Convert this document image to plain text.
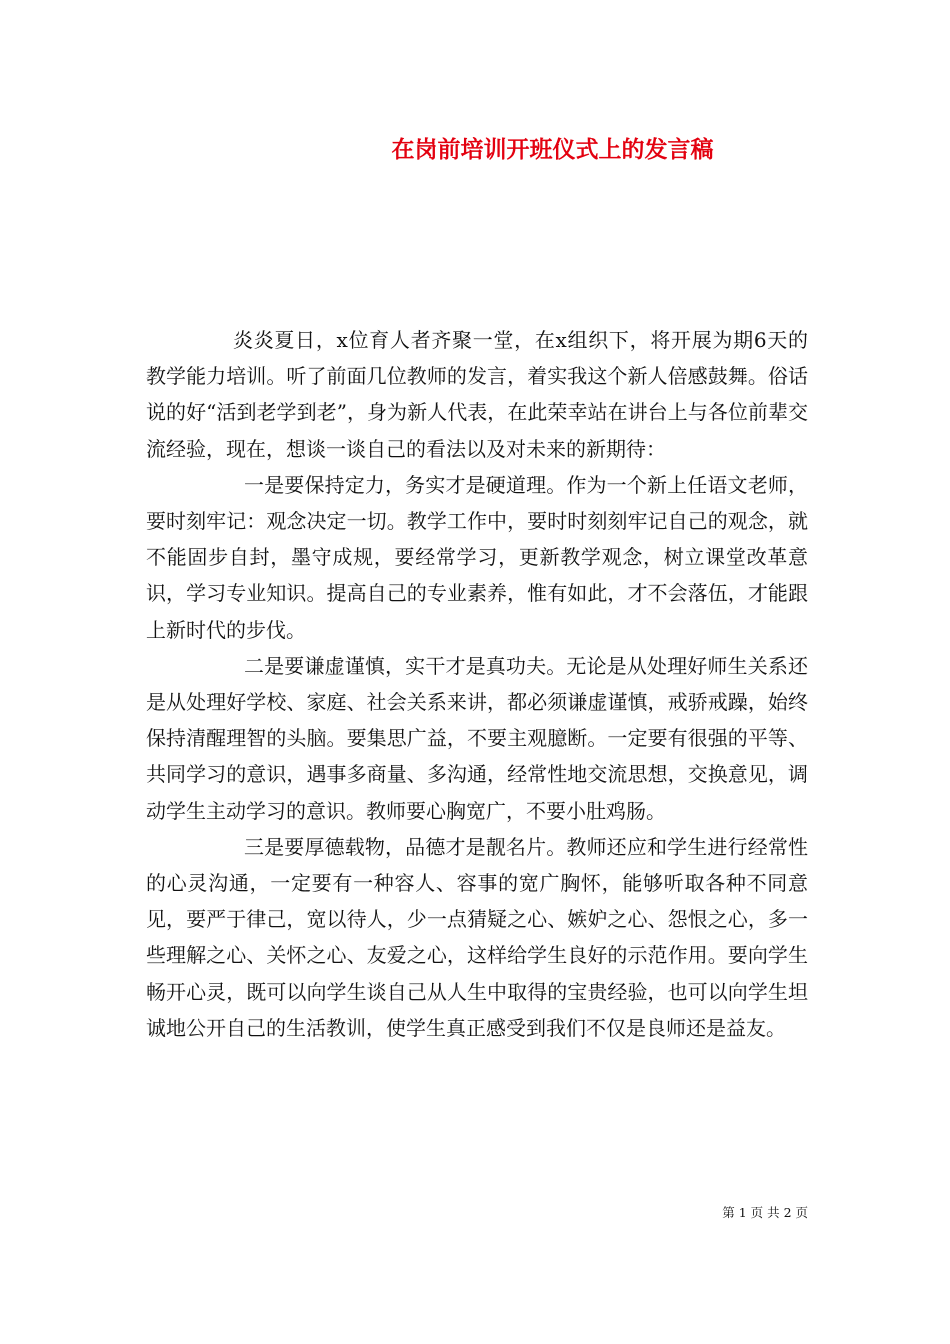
在岗前培训开班仪式上的发言稿

炎炎夏日，x位育人者齐聚一堂，在x组织下，将开展为期6天的教学能力培训。听了前面几位教师的发言，着实我这个新人倍感鼓舞。俗话说的好“活到老学到老”，身为新人代表，在此荣幸站在讲台上与各位前辈交流经验，现在，想谈一谈自己的看法以及对未来的新期待：

一是要保持定力，务实才是硬道理。作为一个新上任语文老师，要时刻牢记：观念决定一切。教学工作中，要时时刻刻牢记自己的观念，就不能固步自封，墨守成规，要经常学习，更新教学观念，树立课堂改革意识，学习专业知识。提高自己的专业素养，惟有如此，才不会落伍，才能跟上新时代的步伐。

二是要谦虚谨慎，实干才是真功夫。无论是从处理好师生关系还是从处理好学校、家庭、社会关系来讲，都必须谦虚谨慎，戒骄戒躁，始终保持清醒理智的头脑。要集思广益，不要主观臆断。一定要有很强的平等、共同学习的意识，遇事多商量、多沟通，经常性地交流思想，交换意见，调动学生主动学习的意识。教师要心胸宽广，不要小肚鸡肠。

三是要厚德载物，品德才是靓名片。教师还应和学生进行经常性的心灵沟通，一定要有一种容人、容事的宽广胸怀，能够听取各种不同意见，要严于律己，宽以待人，少一点猜疑之心、嫉妒之心、怨恨之心，多一些理解之心、关怀之心、友爱之心，这样给学生良好的示范作用。要向学生畅开心灵，既可以向学生谈自己从人生中取得的宝贵经验，也可以向学生坦诚地公开自己的生活教训，使学生真正感受到我们不仅是良师还是益友。

第 1 页 共 2 页
